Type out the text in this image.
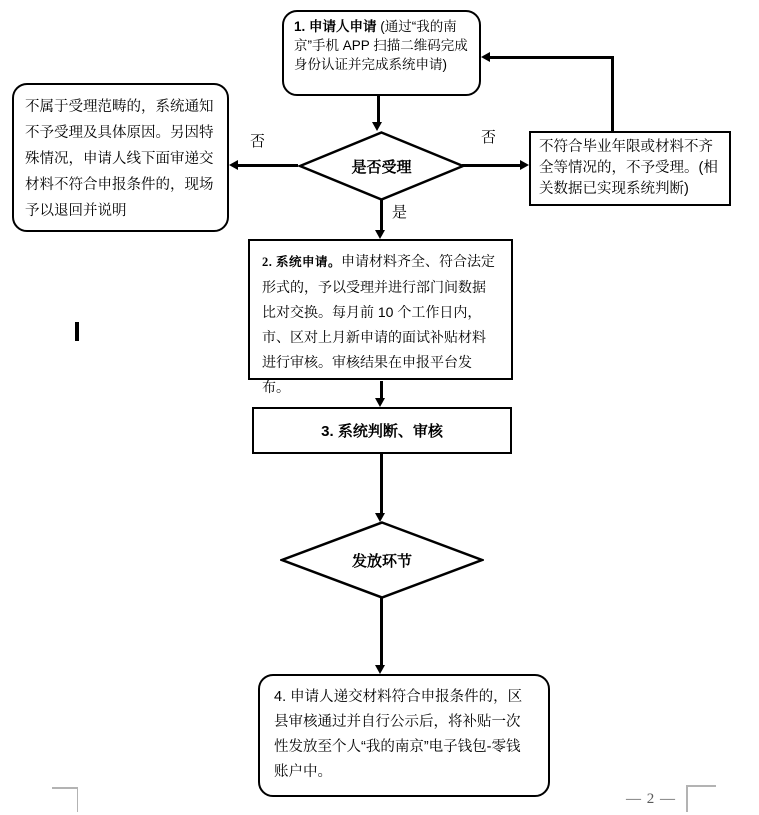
否	否
是
1. 申请人申请 (通过“我的南京”手机 APP 扫描二维码完成身份认证并完成系统申请)
不属于受理范畴的，系统通知不予受理及具体原因。另因特殊情况，申请人线下面审递交材料不符合申报条件的，现场予以退回并说明
是否受理
不符合毕业年限或材料不齐全等情况的，不予受理。(相关数据已实现系统判断)
2. 系统申请。申请材料齐全、符合法定形式的，予以受理并进行部门间数据比对交换。每月前 10 个工作日内，市、区对上月新申请的面试补贴材料进行审核。审核结果在申报平台发布。
3. 系统判断、审核
发放环节
4. 申请人递交材料符合申报条件的，区县审核通过并自行公示后，将补贴一次性发放至个人“我的南京”电子钱包-零钱账户中。
— 2 —
